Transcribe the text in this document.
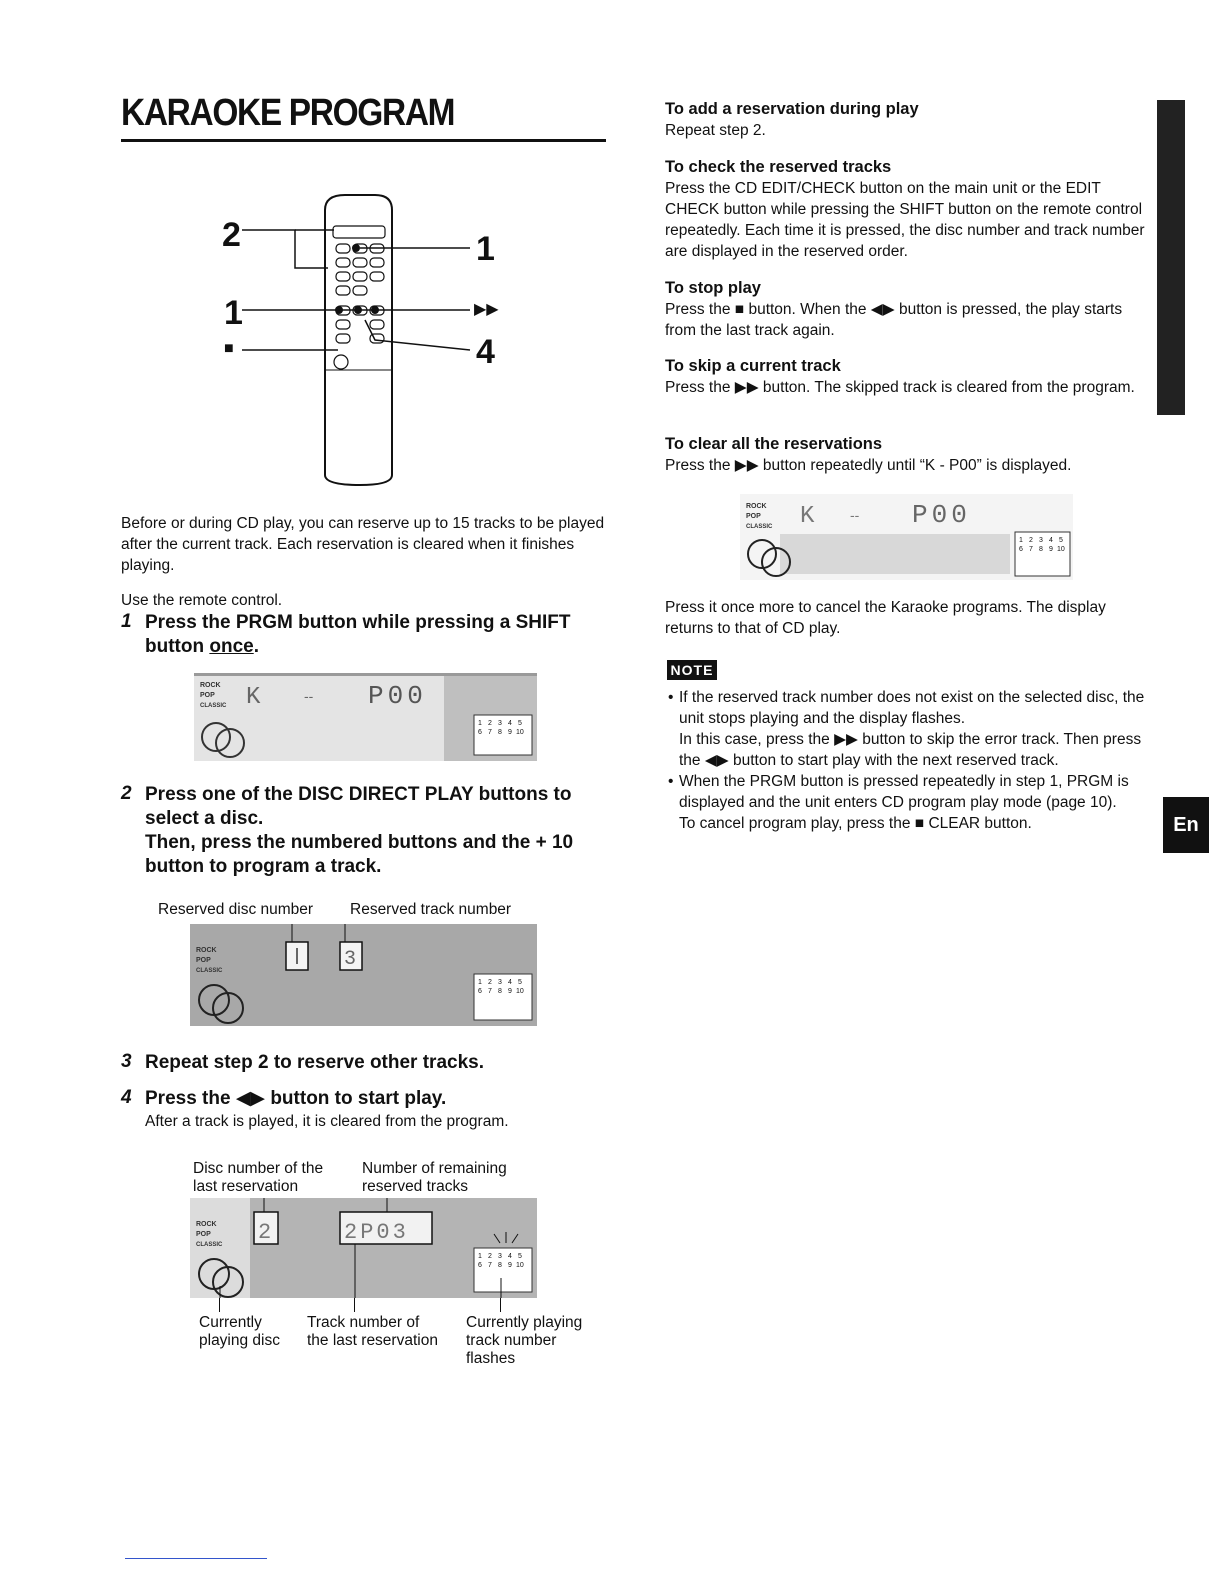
KARAOKE PROGRAM
2	1
1	▶▶
■	4
Before or during CD play, you can reserve up to 15 tracks to be played after the current track. Each reservation is cleared when it finishes playing.
Use the remote control.
1 Press the PRGM button while pressing a SHIFT button once.
ROCK
POP
CLASSIC K	-- P00
1 2 3 4 5
6 7 8 9 10
2 Press one of the DISC DIRECT PLAY buttons to select a disc.
Then, press the numbered buttons and the + 10 button to program a track.
Reserved disc number Reserved track number
3
ROCK
POP
CLASSIC
1 2 3 4 5
6 7 8 9 10
3 Repeat step 2 to reserve other tracks.
4 Press the ◀▶ button to start play.
After a track is played, it is cleared from the program.
Disc number of the
last reservation
Number of remaining
reserved tracks
2	2P03
ROCK
POP
CLASSIC
1 2 3 4 5
6 7 8 9 10
Currently
playing disc
Track number of
the last reservation
Currently playing
track number
flashes
To add a reservation during play
Repeat step 2.
To check the reserved tracks
Press the CD EDIT/CHECK button on the main unit or the EDIT CHECK button while pressing the SHIFT button on the remote control repeatedly. Each time it is pressed, the disc number and track number are displayed in the reserved order.
To stop play
Press the ■ button. When the ◀▶ button is pressed, the play starts from the last track again.
To skip a current track
Press the ▶▶ button. The skipped track is cleared from the program.
To clear all the reservations
Press the ▶▶ button repeatedly until “K - P00” is displayed.
ROCK
POP
CLASSIC K	-- P00
1 2 3 4 5
6 7 8 9 10
Press it once more to cancel the Karaoke programs. The display returns to that of CD play.
NOTE
• If the reserved track number does not exist on the selected disc, the unit stops playing and the display flashes.
In this case, press the ▶▶ button to skip the error track. Then press the ◀▶ button to start play with the next reserved track.
• When the PRGM button is pressed repeatedly in step 1, PRGM is displayed and the unit enters CD program play mode (page 10).
To cancel program play, press the ■ CLEAR button.	En
